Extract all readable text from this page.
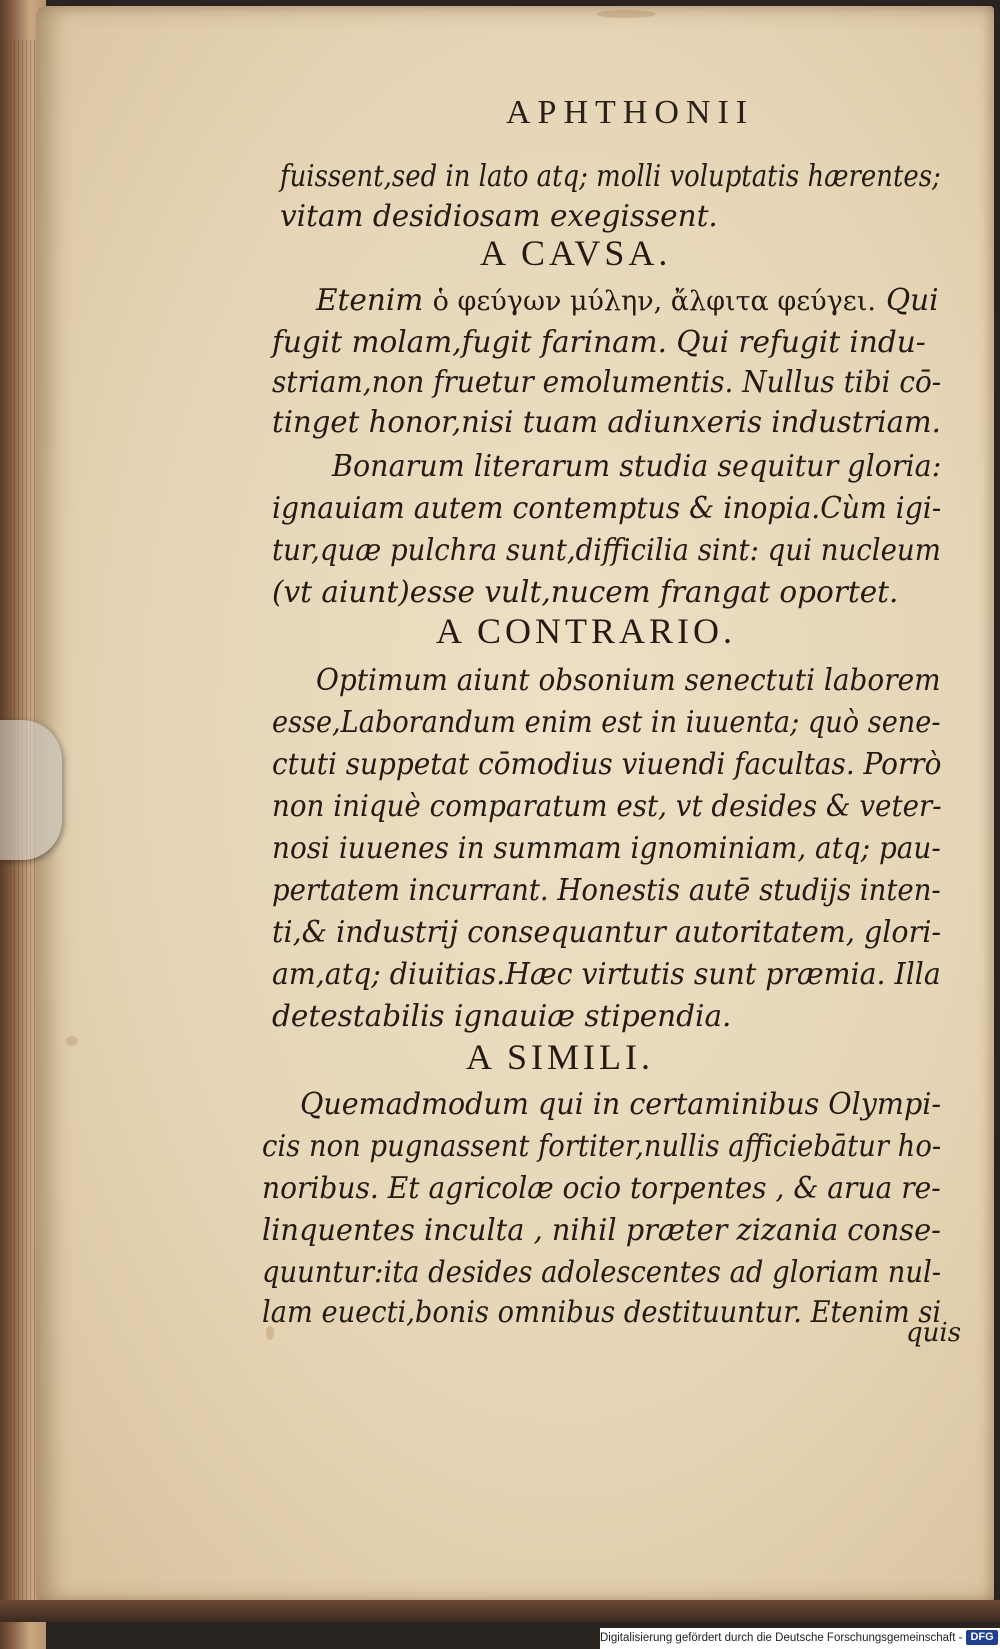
APHTHONII
fuissent,sed in lato atq; molli voluptatis hærentes;
vitam desidiosam exegissent.
A CAVSA.
Etenim ὁ φεύγων μύλην, ἄλφιτα φεύγει. Qui
fugit molam,fugit farinam. Qui refugit indu-
striam,non fruetur emolumentis. Nullus tibi cō-
tinget honor,nisi tuam adiunxeris industriam.
Bonarum literarum studia sequitur gloria:
ignauiam autem contemptus & inopia.Cùm igi-
tur,quæ pulchra sunt,difficilia sint: qui nucleum
(vt aiunt)esse vult,nucem frangat oportet.
A CONTRARIO.
Optimum aiunt obsonium senectuti laborem
esse,Laborandum enim est in iuuenta; quò sene-
ctuti suppetat cōmodius viuendi facultas. Porrò
non iniquè comparatum est, vt desides & veter-
nosi iuuenes in summam ignominiam, atq; pau-
pertatem incurrant. Honestis autē studijs inten-
ti,& industrij consequantur autoritatem, glori-
am,atq; diuitias.Hæc virtutis sunt præmia. Illa
detestabilis ignauiæ stipendia.
A SIMILI.
Quemadmodum qui in certaminibus Olympi-
cis non pugnassent fortiter,nullis afficiebātur ho-
noribus. Et agricolæ ocio torpentes , & arua re-
linquentes inculta , nihil præter zizania conse-
quuntur:ita desides adolescentes ad gloriam nul-
lam euecti,bonis omnibus destituuntur. Etenim si
quis
Digitalisierung gefördert durch die Deutsche Forschungsgemeinschaft - DFG
